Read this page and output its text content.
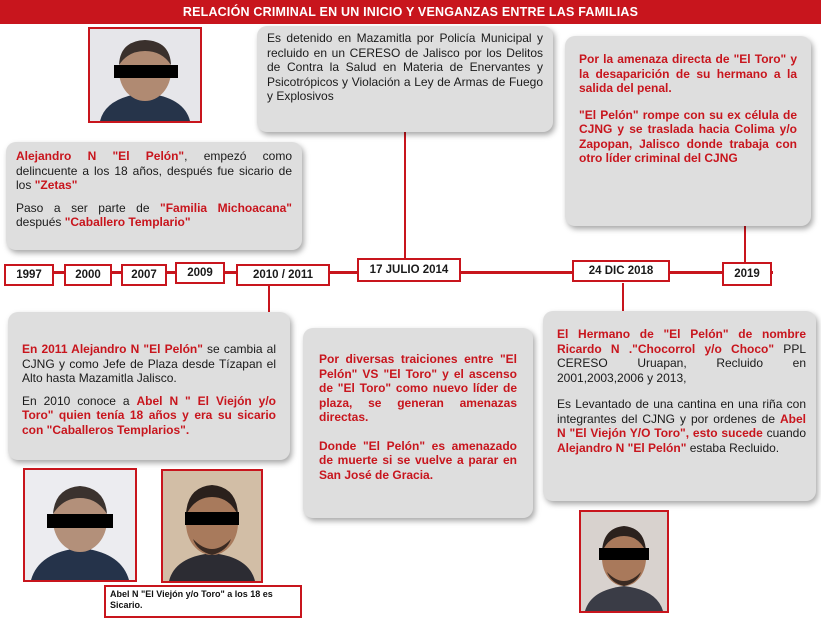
RELACIÓN CRIMINAL EN UN INICIO Y VENGANZAS ENTRE LAS FAMILIAS

Alejandro N "El Pelón", empezó como delincuente a los 18 años, después fue sicario de los "Zetas"

Paso a ser parte de "Familia Michoacana" después "Caballero Templario"

Es detenido en Mazamitla por Policía Municipal y recluido en un CERESO de Jalisco por los Delitos de Contra la Salud en Materia de Enervantes y Psicotrópicos y Violación a Ley de Armas de Fuego y Explosivos

Por la amenaza directa de "El Toro" y la desaparición de su hermano a la salida del penal.

"El Pelón" rompe con su ex célula de CJNG y se traslada hacia Colima y/o Zapopan, Jalisco donde trabaja con otro líder criminal del CJNG

1997	2000	2007	2009	2010 / 2011	17 JULIO 2014	24 DIC 2018	2019

En 2011 Alejandro N "El Pelón" se cambia al CJNG y como Jefe de Plaza desde Tízapan el Alto hasta Mazamitla Jalisco.

En 2010 conoce a Abel N " El Viejón y/o Toro" quien tenía 18 años y era su sicario con "Caballeros Templarios".

Por diversas traiciones entre "El Pelón" VS "El Toro" y el ascenso de "El Toro" como nuevo líder de plaza, se generan amenazas directas.

Donde "El Pelón" es amenazado de muerte si se vuelve a parar en San José de Gracia.

El Hermano de "El Pelón" de nombre Ricardo N ."Chocorrol y/o Choco" PPL CERESO Uruapan, Recluido en 2001,2003,2006 y 2013,

Es Levantado de una cantina en una riña con integrantes del CJNG y por ordenes de Abel N "El Viejón Y/O Toro", esto sucede cuando Alejandro N "El Pelón" estaba Recluido.

Abel N "El Viejón y/o Toro" a los 18 es Sicario.
